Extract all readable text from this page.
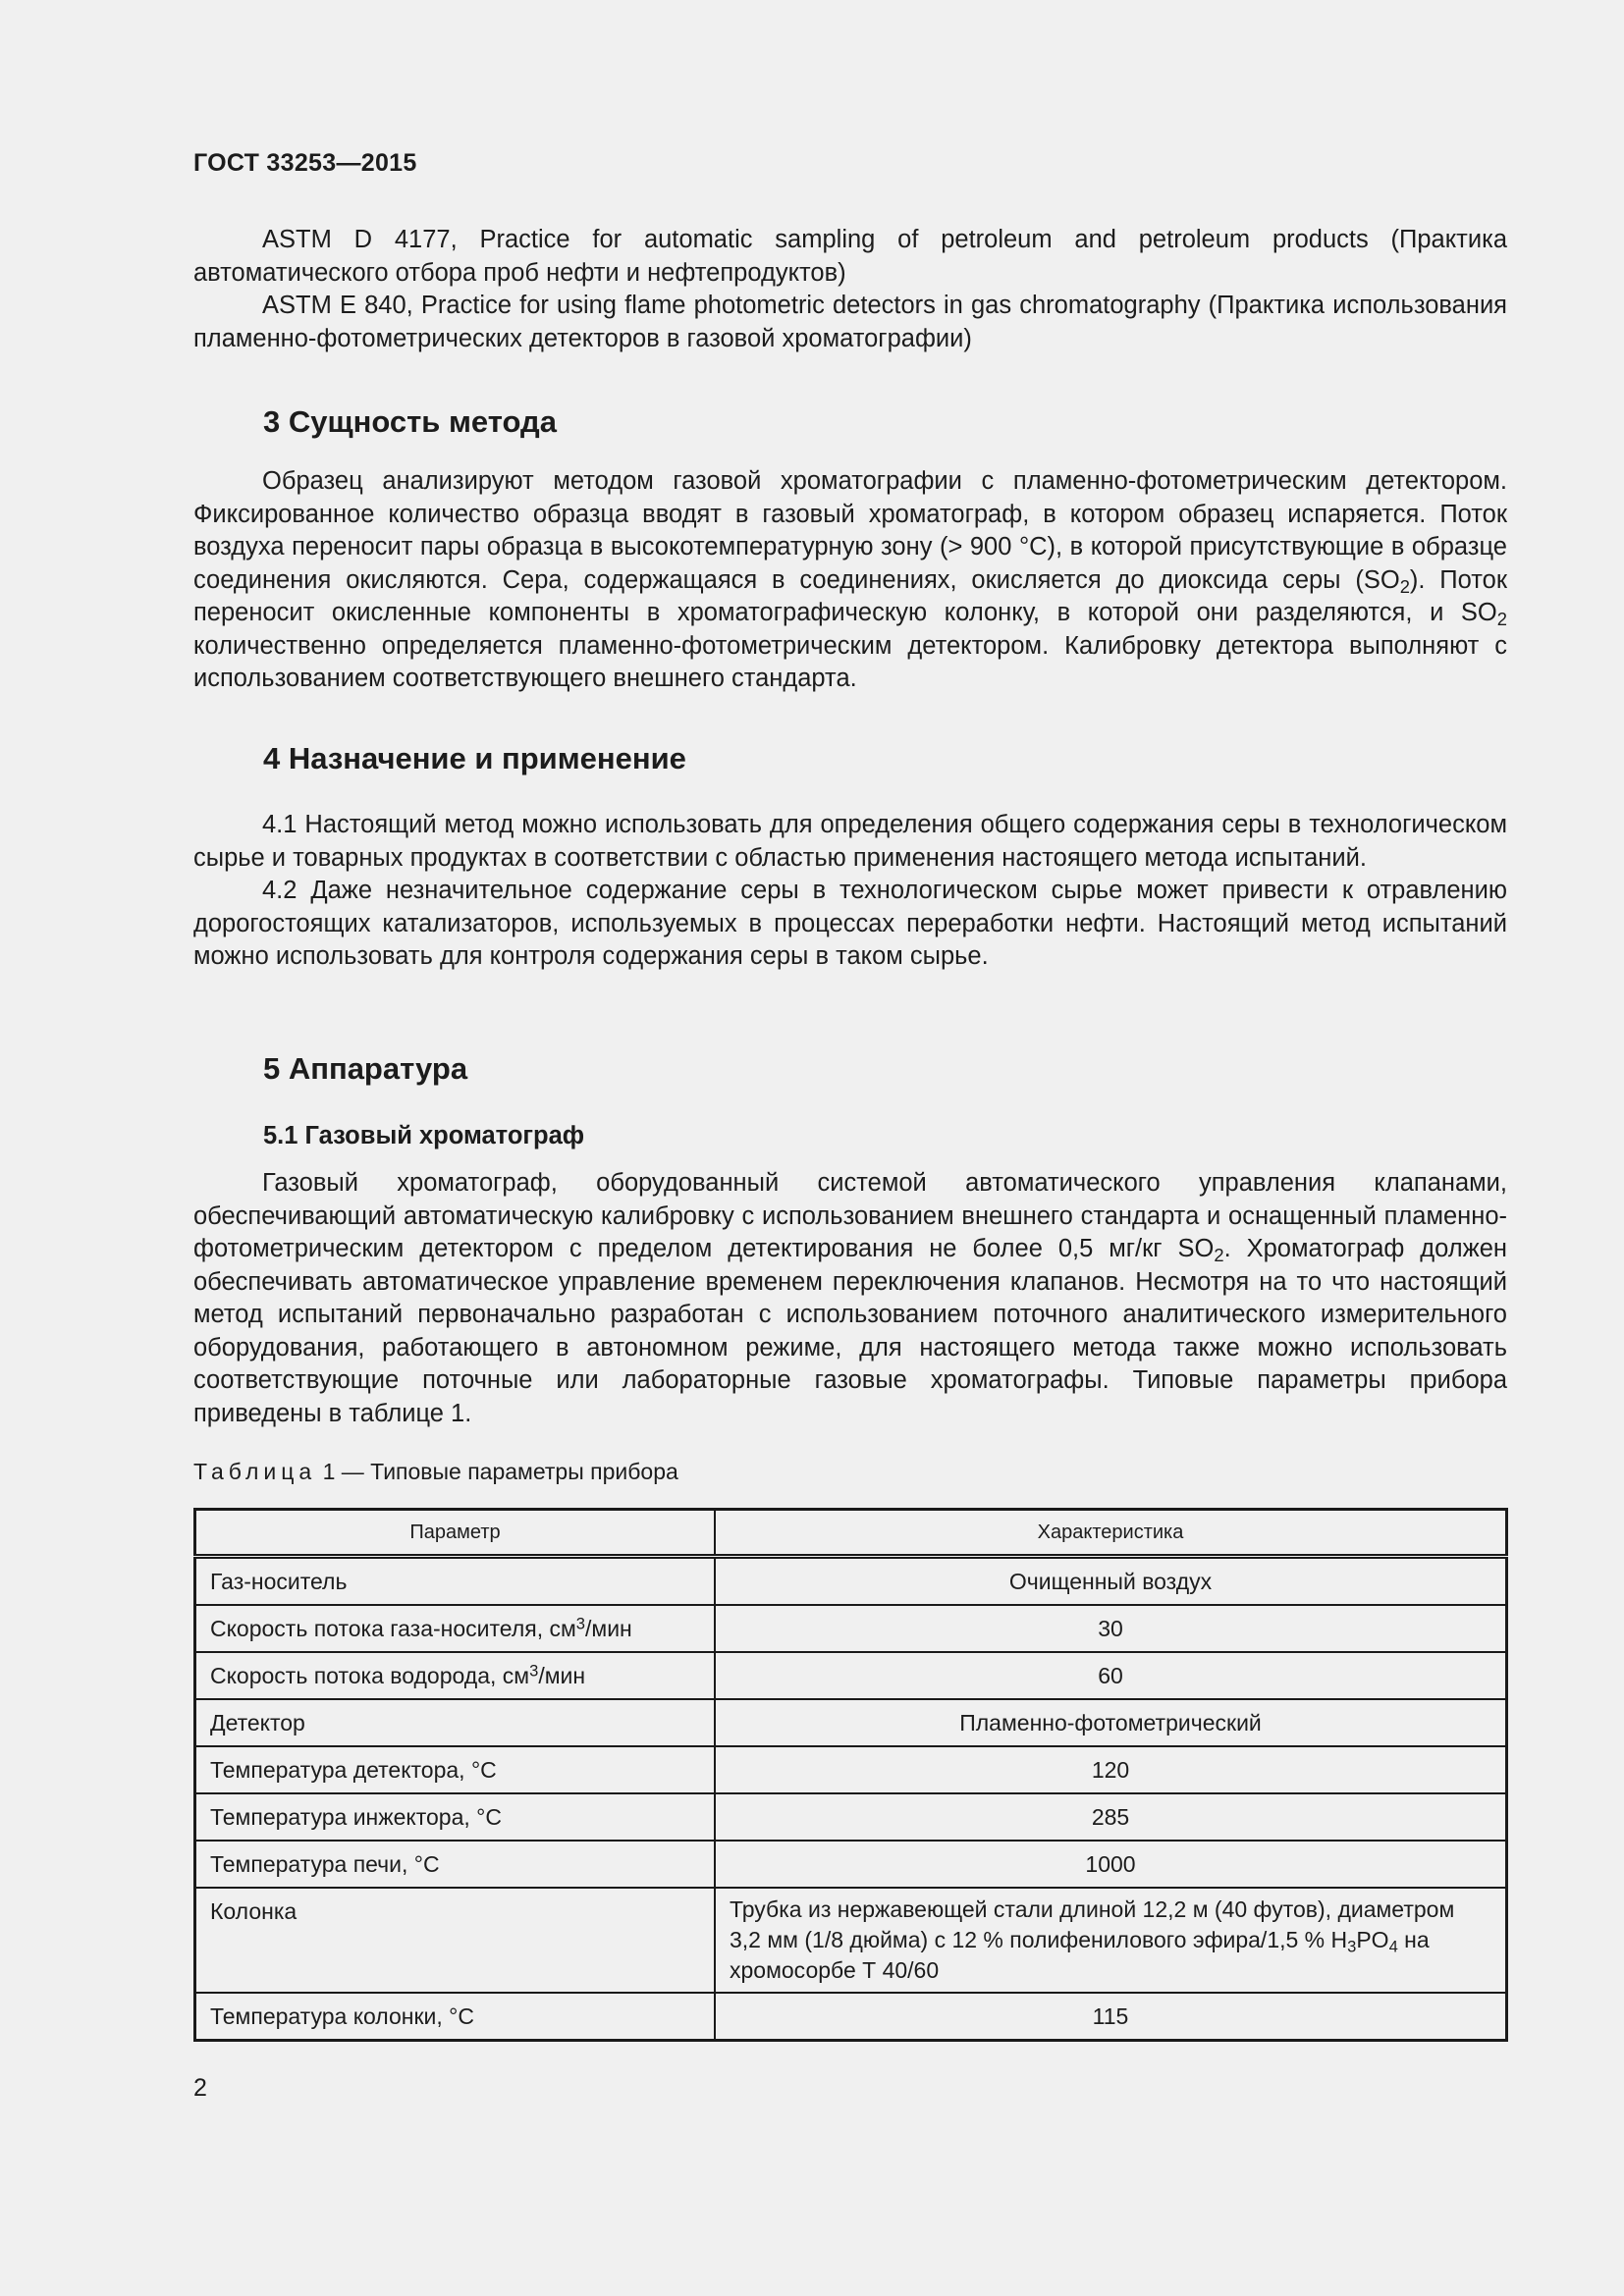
ГОСТ 33253—2015

ASTM D 4177, Practice for automatic sampling of petroleum and petroleum products (Практика автоматического отбора проб нефти и нефтепродуктов)

ASTM E 840, Practice for using flame photometric detectors in gas chromatography (Практика использования пламенно-фотометрических детекторов в газовой хроматографии)

3 Сущность метода

Образец анализируют методом газовой хроматографии с пламенно-фотометрическим детектором. Фиксированное количество образца вводят в газовый хроматограф, в котором образец испаряется. Поток воздуха переносит пары образца в высокотемпературную зону (> 900 °С), в которой присутствующие в образце соединения окисляются. Сера, содержащаяся в соединениях, окисляется до диоксида серы $(SO_2)$. Поток переносит окисленные компоненты в хроматографическую колонку, в которой они разделяются, и $SO_2$ количественно определяется пламенно-фотометрическим детектором. Калибровку детектора выполняют с использованием соответствующего внешнего стандарта.

4 Назначение и применение

4.1 Настоящий метод можно использовать для определения общего содержания серы в технологическом сырье и товарных продуктах в соответствии с областью применения настоящего метода испытаний.

4.2 Даже незначительное содержание серы в технологическом сырье может привести к отравлению дорогостоящих катализаторов, используемых в процессах переработки нефти. Настоящий метод испытаний можно использовать для контроля содержания серы в таком сырье.

5 Аппаратура
5.1 Газовый хроматограф

Газовый хроматограф, оборудованный системой автоматического управления клапанами, обеспечивающий автоматическую калибровку с использованием внешнего стандарта и оснащенный пламенно-фотометрическим детектором с пределом детектирования не более 0,5 мг/кг $SO_2$. Хроматограф должен обеспечивать автоматическое управление временем переключения клапанов. Несмотря на то что настоящий метод испытаний первоначально разработан с использованием поточного аналитического измерительного оборудования, работающего в автономном режиме, для настоящего метода также можно использовать соответствующие поточные или лабораторные газовые хроматографы. Типовые параметры прибора приведены в таблице 1.

Таблица 1 — Типовые параметры прибора
Параметр	Характеристика
Газ-носитель	Очищенный воздух
Скорость потока газа-носителя, $см^3$/мин	30
Скорость потока водорода, $см^3$/мин	60
Детектор	Пламенно-фотометрический
Температура детектора, °С	120
Температура инжектора, °С	285
Температура печи, °С	1000
Колонка	Трубка из нержавеющей стали длиной 12,2 м (40 футов), диаметром 3,2 мм (1/8 дюйма) с 12 % полифенилового эфира/1,5 % $H_3PO_4$ на хромосорбе Т 40/60
Температура колонки, °С	115
2
